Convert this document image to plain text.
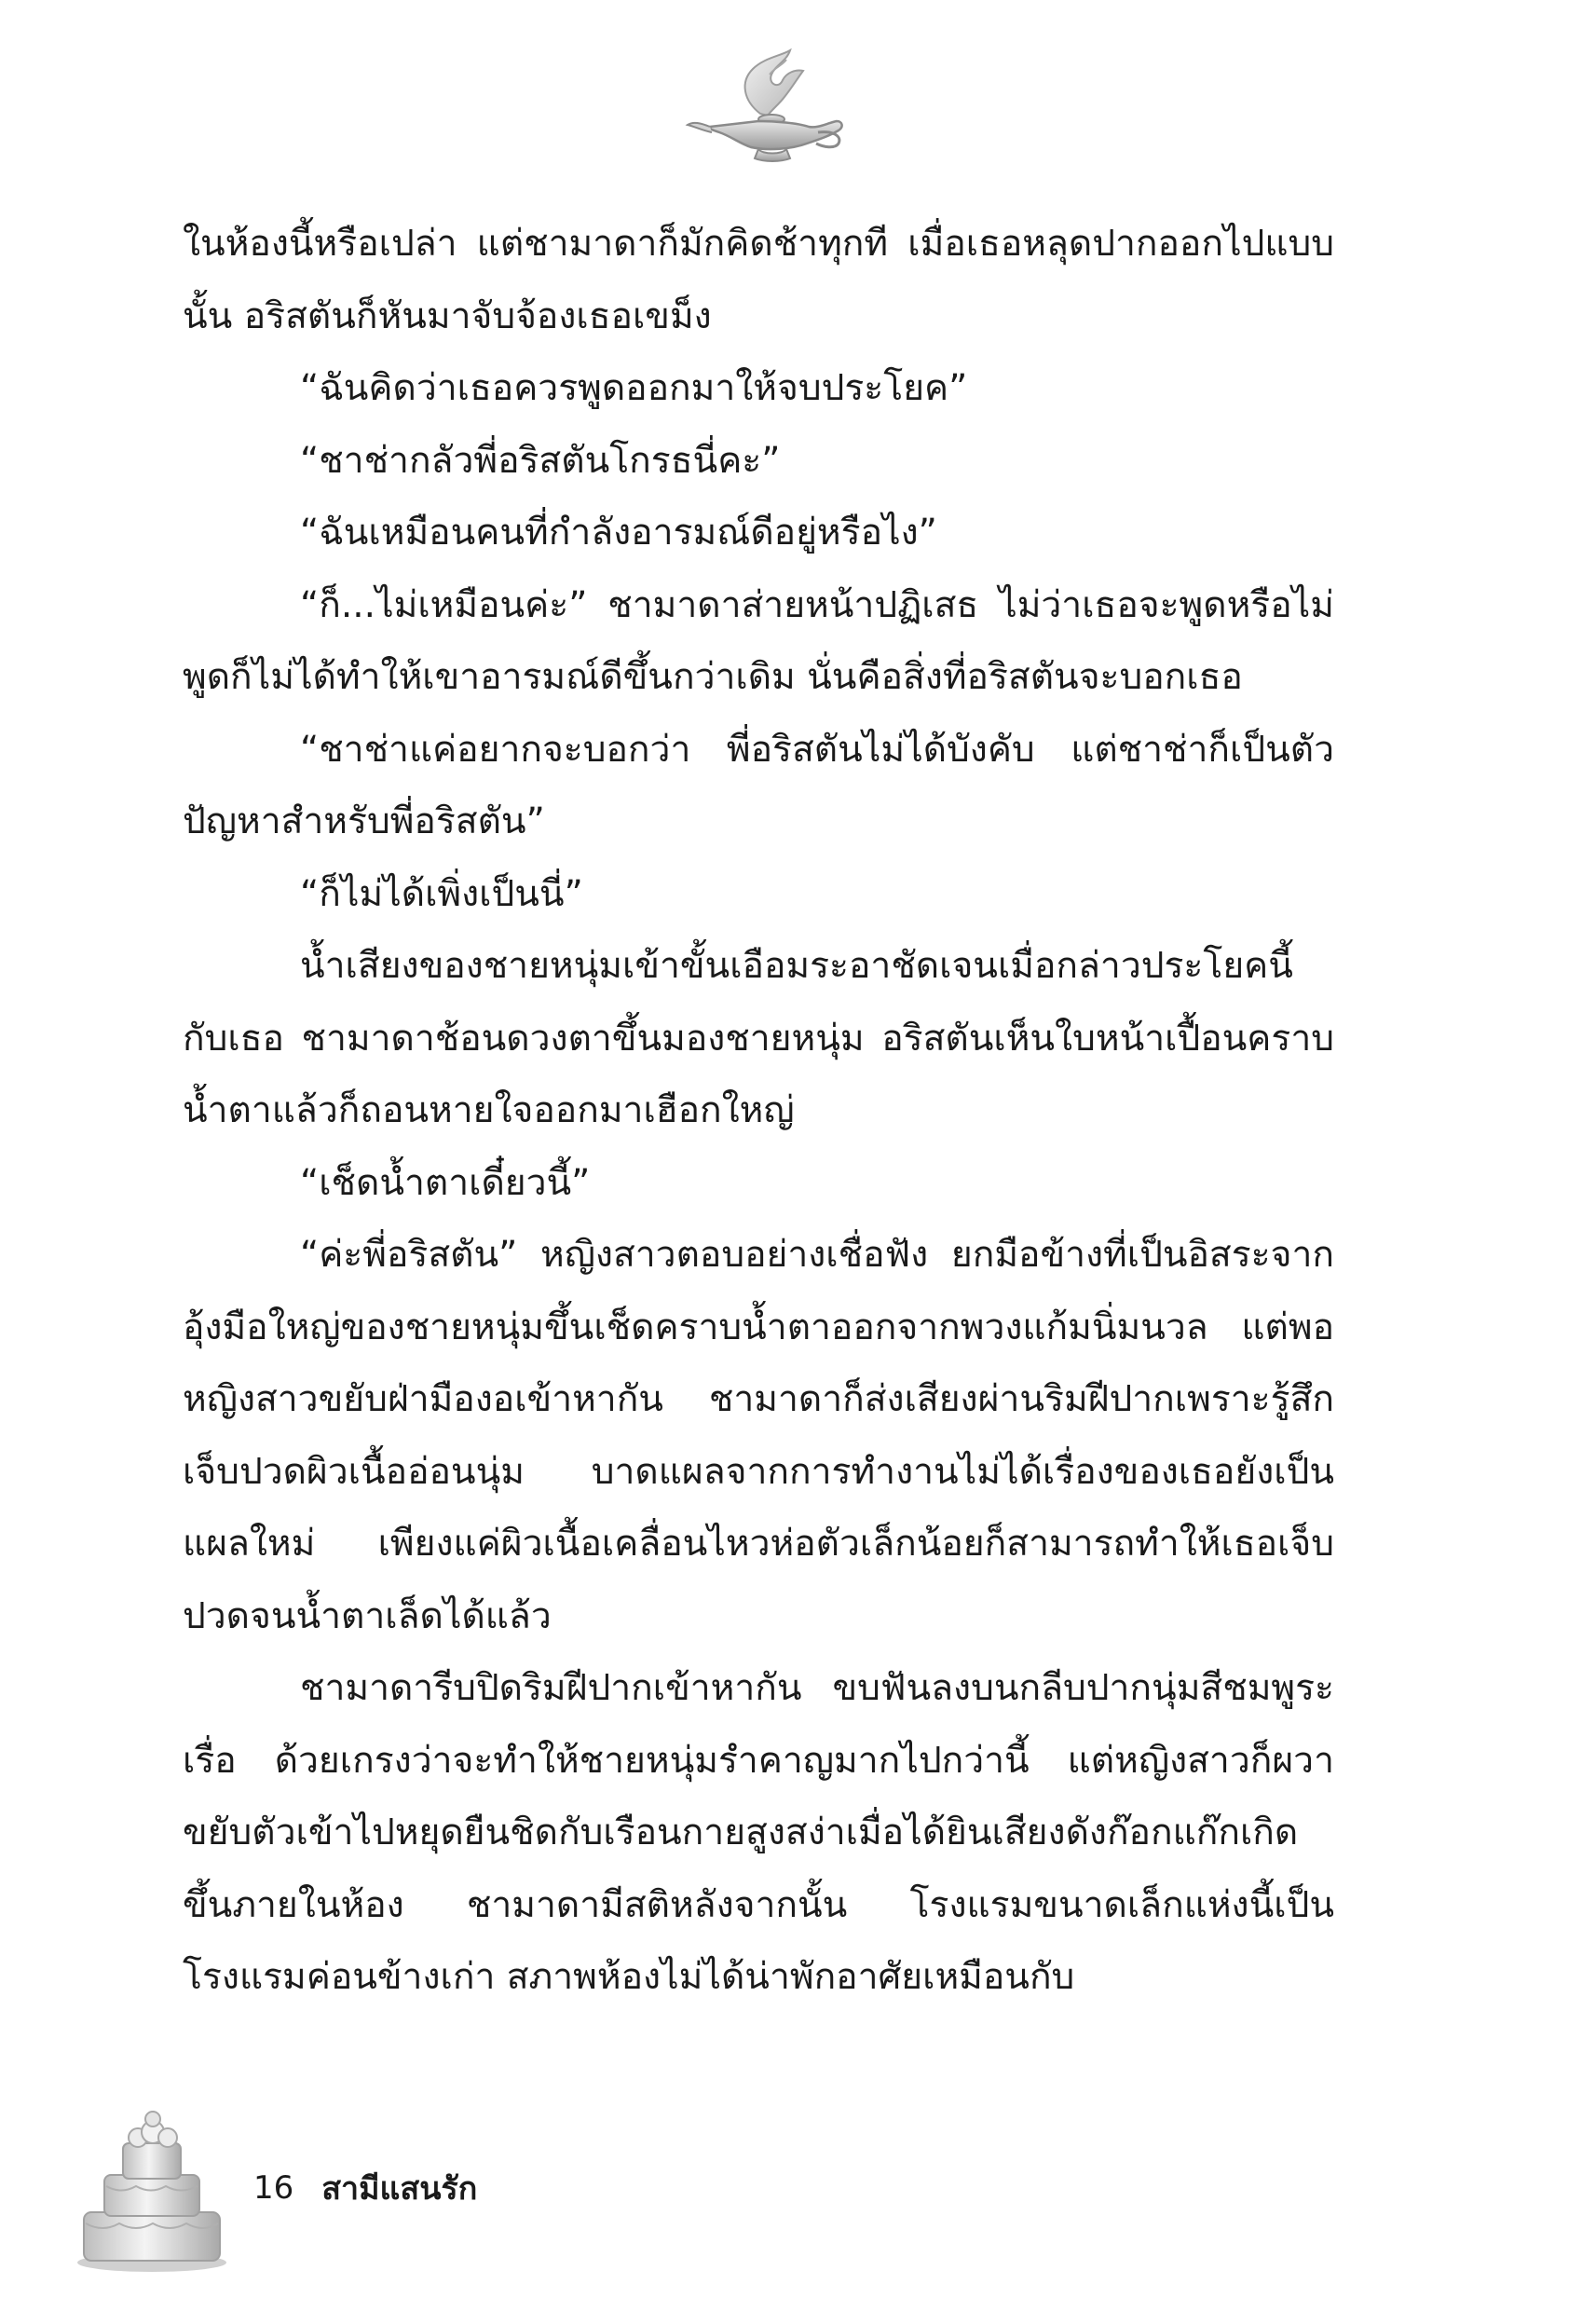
ในห้องนี้หรือเปล่า แต่ชามาดาก็มักคิดช้าทุกที เมื่อเธอหลุดปากออกไปแบบนั้น อริสตันก็หันมาจับจ้องเธอเขม็ง

“ฉันคิดว่าเธอควรพูดออกมาให้จบประโยค”

“ชาช่ากลัวพี่อริสตันโกรธนี่คะ”

“ฉันเหมือนคนที่กำลังอารมณ์ดีอยู่หรือไง”

“ก็...ไม่เหมือนค่ะ” ชามาดาส่ายหน้าปฏิเสธ ไม่ว่าเธอจะพูดหรือไม่พูดก็ไม่ได้ทำให้เขาอารมณ์ดีขึ้นกว่าเดิม นั่นคือสิ่งที่อริสตันจะบอกเธอ

“ชาช่าแค่อยากจะบอกว่า พี่อริสตันไม่ได้บังคับ แต่ชาช่าก็เป็นตัวปัญหาสำหรับพี่อริสตัน”

“ก็ไม่ได้เพิ่งเป็นนี่”

น้ำเสียงของชายหนุ่มเข้าขั้นเอือมระอาชัดเจนเมื่อกล่าวประโยคนี้กับเธอ ชามาดาช้อนดวงตาขึ้นมองชายหนุ่ม อริสตันเห็นใบหน้าเปื้อนคราบน้ำตาแล้วก็ถอนหายใจออกมาเฮือกใหญ่

“เช็ดน้ำตาเดี๋ยวนี้”

“ค่ะพี่อริสตัน” หญิงสาวตอบอย่างเชื่อฟัง ยกมือข้างที่เป็นอิสระจากอุ้งมือใหญ่ของชายหนุ่มขึ้นเช็ดคราบน้ำตาออกจากพวงแก้มนิ่มนวล แต่พอหญิงสาวขยับฝ่ามืองอเข้าหากัน ชามาดาก็ส่งเสียงผ่านริมฝีปากเพราะรู้สึกเจ็บปวดผิวเนื้ออ่อนนุ่ม บาดแผลจากการทำงานไม่ได้เรื่องของเธอยังเป็นแผลใหม่ เพียงแค่ผิวเนื้อเคลื่อนไหวห่อตัวเล็กน้อยก็สามารถทำให้เธอเจ็บปวดจนน้ำตาเล็ดได้แล้ว

ชามาดารีบปิดริมฝีปากเข้าหากัน ขบฟันลงบนกลีบปากนุ่มสีชมพูระเรื่อ ด้วยเกรงว่าจะทำให้ชายหนุ่มรำคาญมากไปกว่านี้ แต่หญิงสาวก็ผวาขยับตัวเข้าไปหยุดยืนชิดกับเรือนกายสูงสง่าเมื่อได้ยินเสียงดังก๊อกแก๊กเกิดขึ้นภายในห้อง ชามาดามีสติหลังจากนั้น โรงแรมขนาดเล็กแห่งนี้เป็นโรงแรมค่อนข้างเก่า สภาพห้องไม่ได้น่าพักอาศัยเหมือนกับ

16 สามีแสนรัก
